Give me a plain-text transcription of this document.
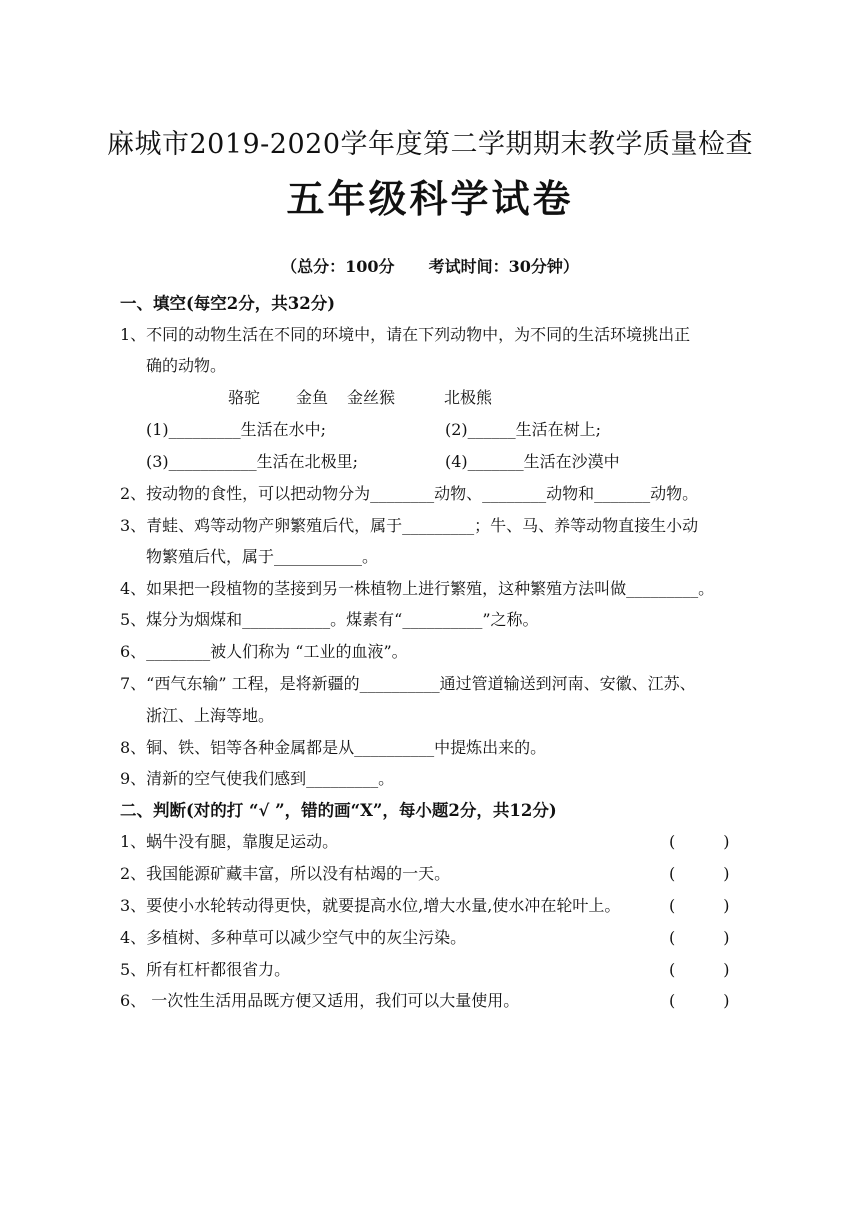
麻城市2019-2020学年度第二学期期末教学质量检查
五年级科学试卷
（总分：100分 考试时间：30分钟）
一、填空(每空2分，共32分)
1、不同的动物生活在不同的环境中，请在下列动物中，为不同的生活环境挑出正
确的动物。
骆驼 金鱼 金丝猴	北极熊
(1)_________生活在水中;	(2)______生活在树上;
(3)___________生活在北极里;	(4)_______生活在沙漠中
2、按动物的食性，可以把动物分为________动物、________动物和_______动物。
3、青蛙、鸡等动物产卵繁殖后代，属于_________；牛、马、养等动物直接生小动
物繁殖后代，属于___________。
4、如果把一段植物的茎接到另一株植物上进行繁殖，这种繁殖方法叫做_________。
5、煤分为烟煤和___________。煤素有“__________”之称。
6、________被人们称为 “工业的血液”。
7、“西气东输” 工程，是将新疆的__________通过管道输送到河南、安徽、江苏、
浙江、上海等地。
8、铜、铁、铝等各种金属都是从__________中提炼出来的。
9、清新的空气使我们感到_________。
二、判断(对的打 “√ ”，错的画“X”，每小题2分，共12分)
1、蜗牛没有腿，靠腹足运动。	(　　　)
2、我国能源矿藏丰富，所以没有枯竭的一天。	(　　　)
3、要使小水轮转动得更快，就要提高水位,增大水量,使水冲在轮叶上。	(　　　)
4、多植树、多种草可以减少空气中的灰尘污染。	(　　　)
5、所有杠杆都很省力。	(　　　)
6、 一次性生活用品既方便又适用，我们可以大量使用。	(　　　)
